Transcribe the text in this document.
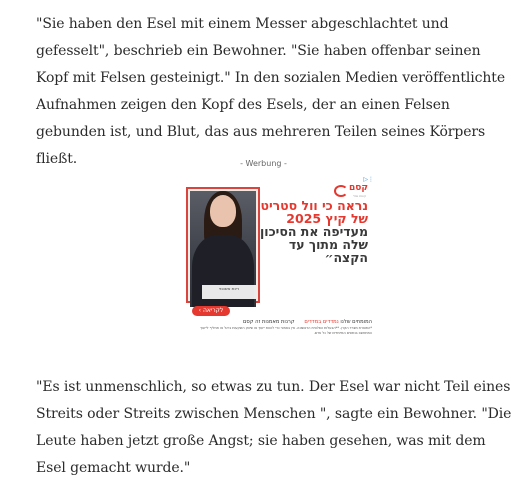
"Sie haben den Esel mit einem Messer abgeschlachtet und gefesselt", beschrieb ein Bewohner. "Sie haben offenbar seinen Kopf mit Felsen gesteinigt." In den sozialen Medien veröffentlichte Aufnahmen zeigen den Kopf des Esels, der an einen Felsen gebunden ist, und Blut, das aus mehreren Teilen seines Körpers fließt.	- Werbung -
▷⋮
רינת אשכנזי
קסם
קופת גמל
נראה כי וול סטריט של קיץ 2025
מעדיפה את הסיכון שלה מתוך עד הקצה״
לקריאה ›
המומחים שלנו נמדדים במדדים      קרנות מאמנות זה קסם
*התוצרת מצרד הקרן. **הבעלות הפלונית הראשונה. אין באמור כדי להוות ייעוץ או שיווק השקעות ביהל או תחליף לייעוץ המתחשב בנתונים המיוחדים של כל אדם.

"Es ist unmenschlich, so etwas zu tun. Der Esel war nicht Teil eines Streits oder Streits zwischen Menschen ", sagte ein Bewohner. "Die Leute haben jetzt große Angst; sie haben gesehen, was mit dem Esel gemacht wurde."
